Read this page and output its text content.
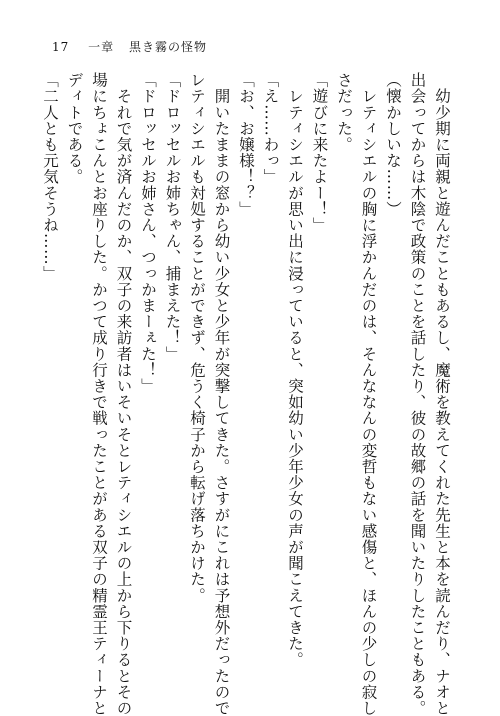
17 一章 黒き霧の怪物

　幼少期に両親と遊んだこともあるし、魔術を教えてくれた先生と本を読んだり、ナオと

出会ってからは木陰で政策のことを話したり、彼の故郷の話を聞いたりしたこともある。

（懐かしいな……）

　レティシエルの胸に浮かんだのは、そんななんの変哲もない感傷と、ほんの少しの寂し

さだった。

「遊びに来たよー！」

　レティシエルが思い出に浸っていると、突如幼い少年少女の声が聞こえてきた。

「え……わっ」

「お、お嬢様！？」

　開いたままの窓から幼い少女と少年が突撃してきた。さすがにこれは予想外だったので

レティシエルも対処することができず、危うく椅子から転げ落ちかけた。

「ドロッセルお姉ちゃん、捕まえた！」

「ドロッセルお姉さん、つっかまーぇた！」

　それで気が済んだのか、双子の来訪者はいそいそとレティシエルの上から下りるとその

場にちょこんとお座りした。かつて成り行きで戦ったことがある双子の精霊王ティーナと

ディトである。

「二人とも元気そうね……」
